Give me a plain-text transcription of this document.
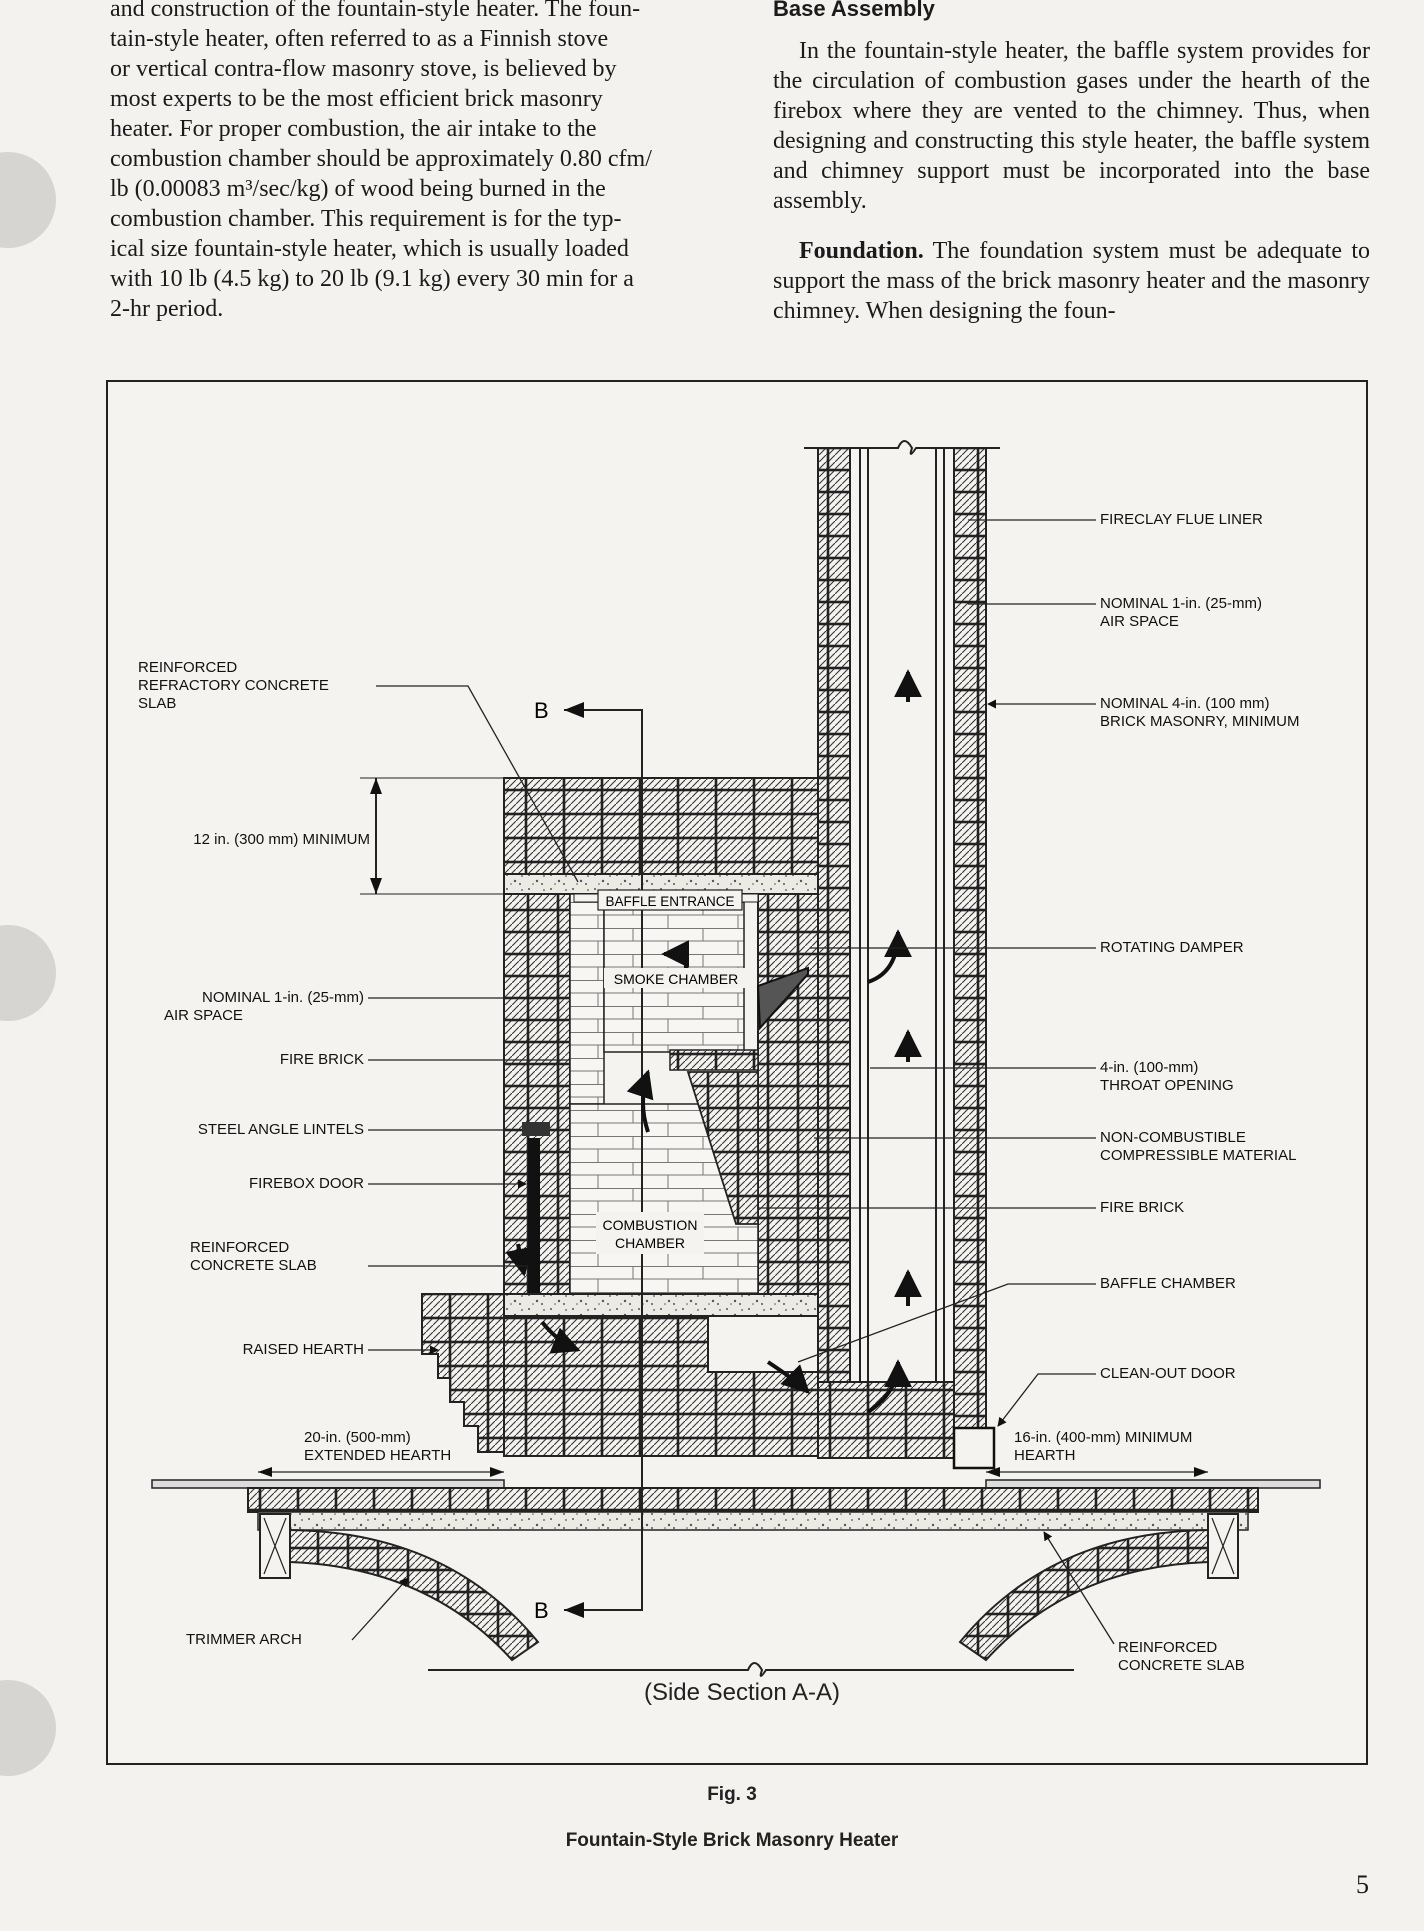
and construction of the fountain-style heater. The foun-

tain-style heater, often referred to as a Finnish stove

or vertical contra-flow masonry stove, is believed by

most experts to be the most efficient brick masonry

heater. For proper combustion, the air intake to the

combustion chamber should be approximately 0.80 cfm/

lb (0.00083 m³/sec/kg) of wood being burned in the

combustion chamber. This requirement is for the typ-

ical size fountain-style heater, which is usually loaded

with 10 lb (4.5 kg) to 20 lb (9.1 kg) every 30 min for a

2-hr period.

Base Assembly

In the fountain-style heater, the baffle system provides for the circulation of combustion gases under the hearth of the firebox where they are vented to the chimney. Thus, when designing and constructing this style heater, the baffle system and chimney support must be incorporated into the base assembly.

Foundation. The foundation system must be adequate to support the mass of the brick masonry heater and the masonry chimney. When designing the foun-

B
B
BAFFLE ENTRANCE
SMOKE CHAMBER
COMBUSTION
CHAMBER
REINFORCED
REFRACTORY CONCRETE
SLAB
12 in. (300 mm) MINIMUM
NOMINAL 1-in. (25-mm)
AIR SPACE
FIRE BRICK
STEEL ANGLE LINTELS
FIREBOX DOOR
REINFORCED
CONCRETE SLAB
RAISED HEARTH
20-in. (500-mm)
EXTENDED HEARTH
TRIMMER ARCH
FIRECLAY FLUE LINER
NOMINAL 1-in. (25-mm)
AIR SPACE
NOMINAL 4-in. (100 mm)
BRICK MASONRY, MINIMUM
ROTATING DAMPER
4-in. (100-mm)
THROAT OPENING
NON-COMBUSTIBLE
COMPRESSIBLE MATERIAL
FIRE BRICK
BAFFLE CHAMBER
CLEAN-OUT DOOR
16-in. (400-mm) MINIMUM
HEARTH
REINFORCED
CONCRETE SLAB
(Side Section A-A)
Fig. 3
Fountain-Style Brick Masonry Heater
5
